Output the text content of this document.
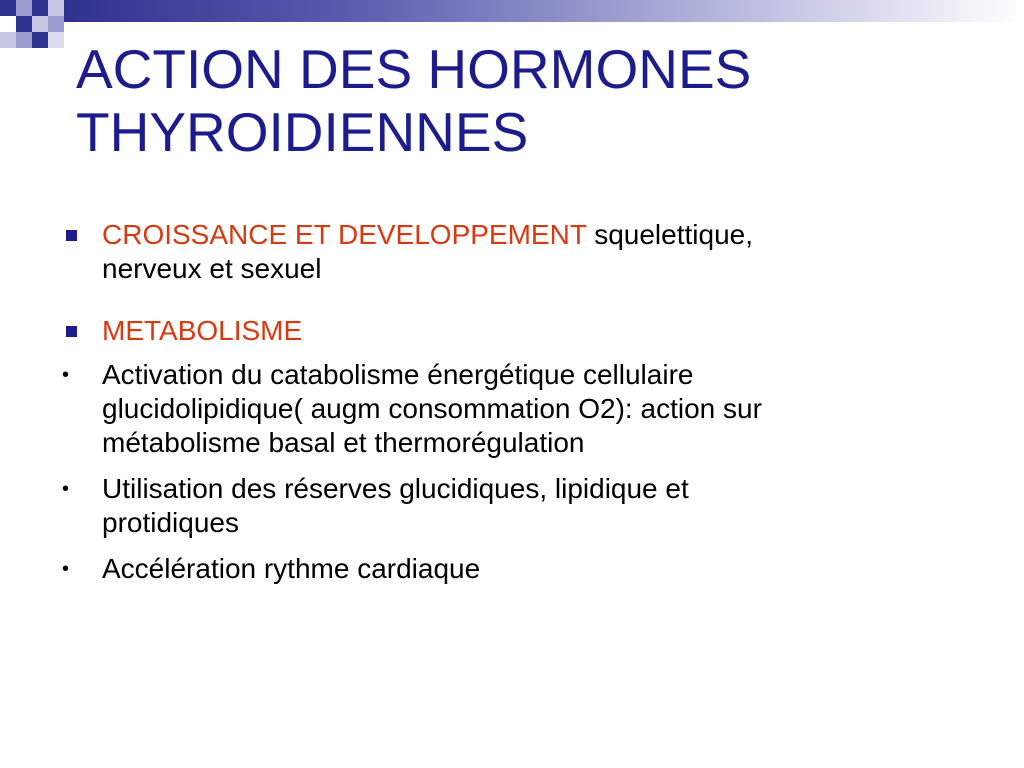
ACTION DES HORMONES
THYROIDIENNES
CROISSANCE ET DEVELOPPEMENT squelettique,
nerveux et sexuel
METABOLISME
• Activation du catabolisme énergétique cellulaire
glucidolipidique( augm consommation O2): action sur
métabolisme basal et thermorégulation
• Utilisation des réserves glucidiques, lipidique et
protidiques
• Accélération rythme cardiaque
